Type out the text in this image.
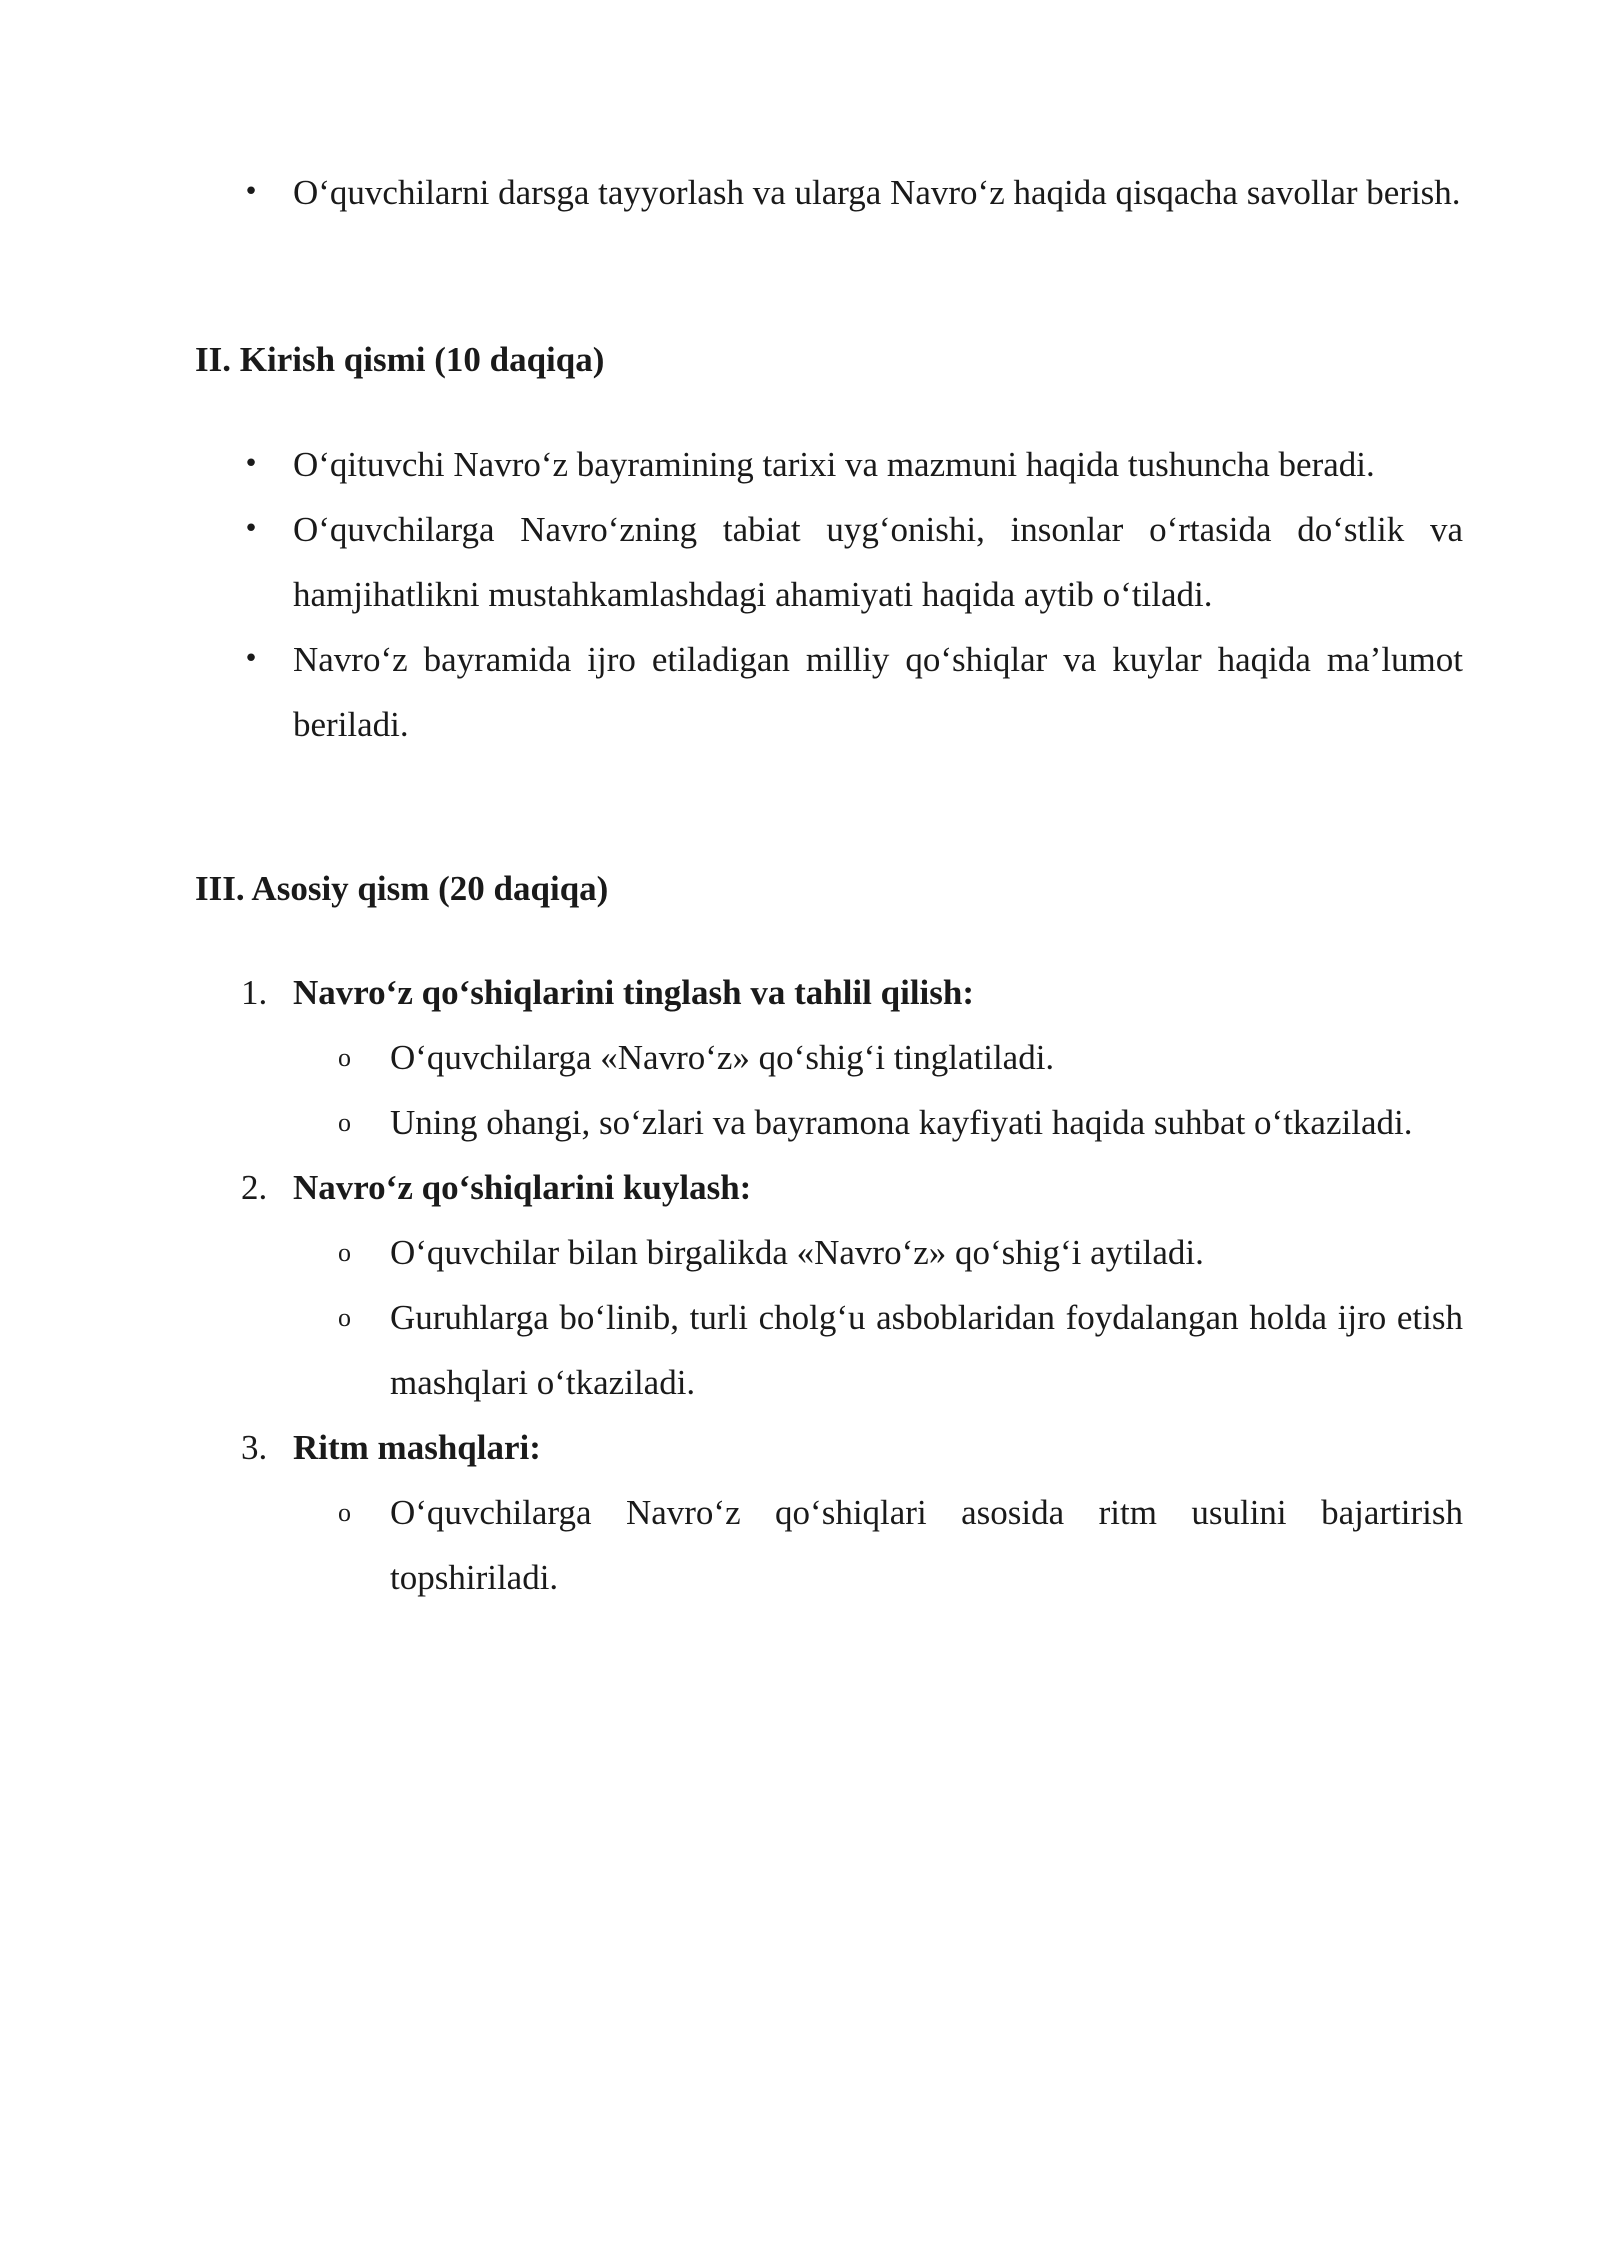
• O‘quvchilarni darsga tayyorlash va ularga Navro‘z haqida qisqacha savollar berish.
II. Kirish qismi (10 daqiqa)
• O‘qituvchi Navro‘z bayramining tarixi va mazmuni haqida tushuncha beradi.
• O‘quvchilarga Navro‘zning tabiat uyg‘onishi, insonlar o‘rtasida do‘stlik va hamjihatlikni mustahkamlashdagi ahamiyati haqida aytib o‘tiladi.
• Navro‘z bayramida ijro etiladigan milliy qo‘shiqlar va kuylar haqida ma’lumot beriladi.
III. Asosiy qism (20 daqiqa)
1. Navro‘z qo‘shiqlarini tinglash va tahlil qilish:
o O‘quvchilarga «Navro‘z» qo‘shig‘i tinglatiladi.
o Uning ohangi, so‘zlari va bayramona kayfiyati haqida suhbat o‘tkaziladi.
2. Navro‘z qo‘shiqlarini kuylash:
o O‘quvchilar bilan birgalikda «Navro‘z» qo‘shig‘i aytiladi.
o Guruhlarga bo‘linib, turli cholg‘u asboblaridan foydalangan holda ijro etish mashqlari o‘tkaziladi.
3. Ritm mashqlari:
o O‘quvchilarga Navro‘z qo‘shiqlari asosida ritm usulini bajartirish topshiriladi.
